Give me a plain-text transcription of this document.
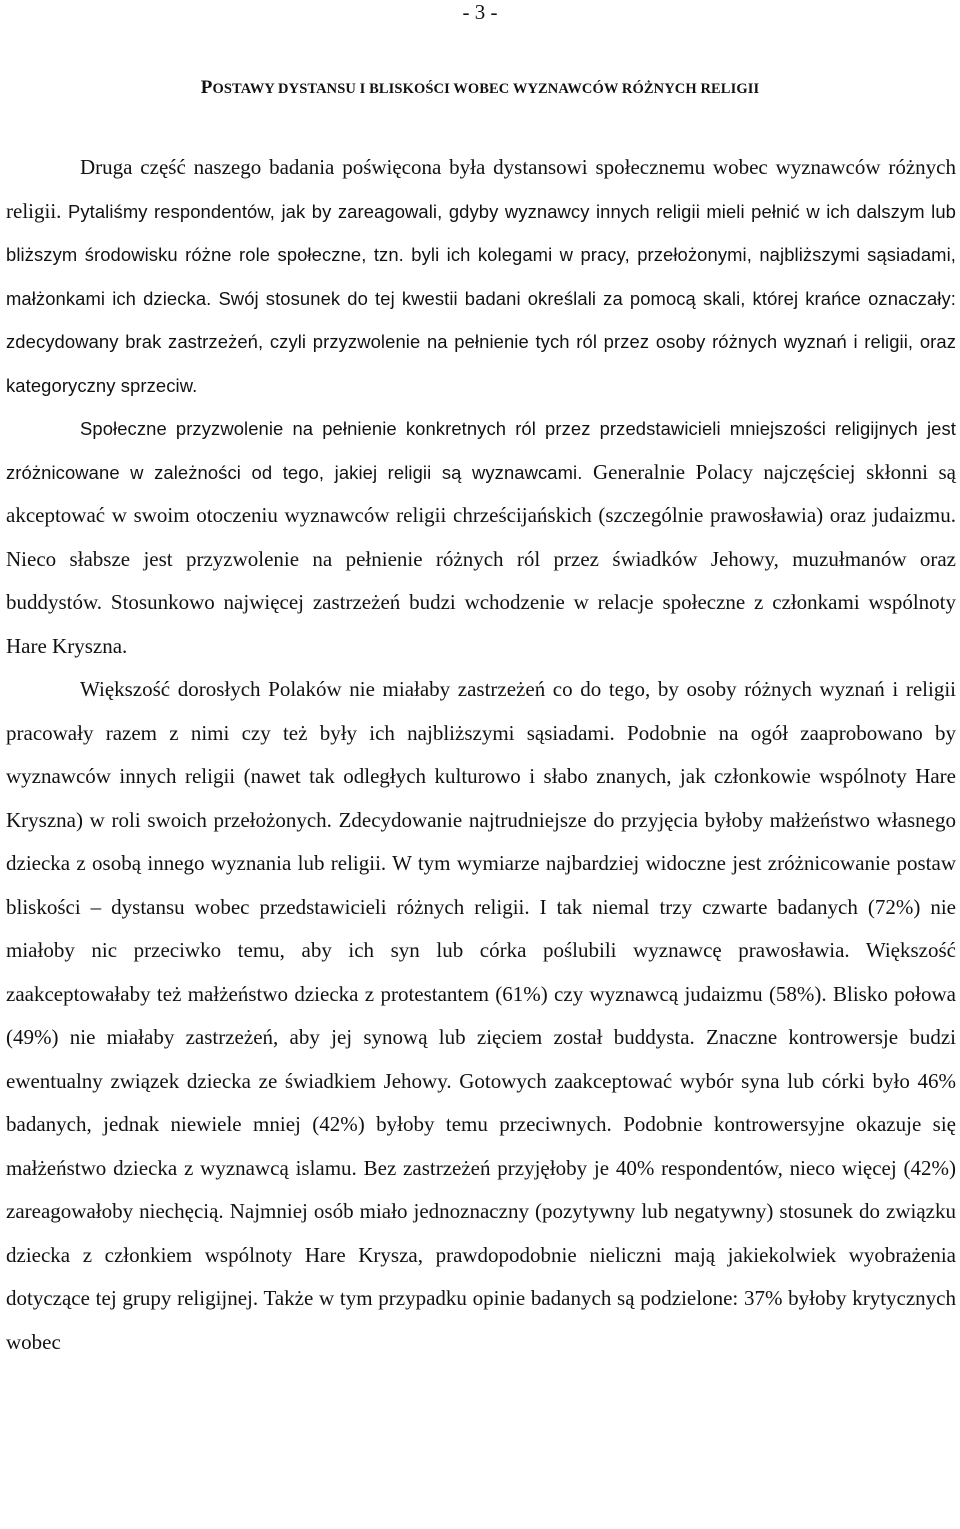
- 3 -
POSTAWY DYSTANSU I BLISKOŚCI WOBEC WYZNAWCÓW RÓŻNYCH RELIGII

Druga część naszego badania poświęcona była dystansowi społecznemu wobec wyznawców różnych religii. Pytaliśmy respondentów, jak by zareagowali, gdyby wyznawcy innych religii mieli pełnić w ich dalszym lub bliższym środowisku różne role społeczne, tzn. byli ich kolegami w pracy, przełożonymi, najbliższymi sąsiadami, małżonkami ich dziecka. Swój stosunek do tej kwestii badani określali za pomocą skali, której krańce oznaczały: zdecydowany brak zastrzeżeń, czyli przyzwolenie na pełnienie tych ról przez osoby różnych wyznań i religii, oraz kategoryczny sprzeciw.

Społeczne przyzwolenie na pełnienie konkretnych ról przez przedstawicieli mniejszości religijnych jest zróżnicowane w zależności od tego, jakiej religii są wyznawcami. Generalnie Polacy najczęściej skłonni są akceptować w swoim otoczeniu wyznawców religii chrześcijańskich (szczególnie prawosławia) oraz judaizmu. Nieco słabsze jest przyzwolenie na pełnienie różnych ról przez świadków Jehowy, muzułmanów oraz buddystów. Stosunkowo najwięcej zastrzeżeń budzi wchodzenie w relacje społeczne z członkami wspólnoty Hare Kryszna.

Większość dorosłych Polaków nie miałaby zastrzeżeń co do tego, by osoby różnych wyznań i religii pracowały razem z nimi czy też były ich najbliższymi sąsiadami. Podobnie na ogół zaaprobowano by wyznawców innych religii (nawet tak odległych kulturowo i słabo znanych, jak członkowie wspólnoty Hare Kryszna) w roli swoich przełożonych. Zdecydowanie najtrudniejsze do przyjęcia byłoby małżeństwo własnego dziecka z osobą innego wyznania lub religii. W tym wymiarze najbardziej widoczne jest zróżnicowanie postaw bliskości – dystansu wobec przedstawicieli różnych religii. I tak niemal trzy czwarte badanych (72%) nie miałoby nic przeciwko temu, aby ich syn lub córka poślubili wyznawcę prawosławia. Większość zaakceptowałaby też małżeństwo dziecka z protestantem (61%) czy wyznawcą judaizmu (58%). Blisko połowa (49%) nie miałaby zastrzeżeń, aby jej synową lub zięciem został buddysta. Znaczne kontrowersje budzi ewentualny związek dziecka ze świadkiem Jehowy. Gotowych zaakceptować wybór syna lub córki było 46% badanych, jednak niewiele mniej (42%) byłoby temu przeciwnych. Podobnie kontrowersyjne okazuje się małżeństwo dziecka z wyznawcą islamu. Bez zastrzeżeń przyjęłoby je 40% respondentów, nieco więcej (42%) zareagowałoby niechęcią. Najmniej osób miało jednoznaczny (pozytywny lub negatywny) stosunek do związku dziecka z członkiem wspólnoty Hare Krysza, prawdopodobnie nieliczni mają jakiekolwiek wyobrażenia dotyczące tej grupy religijnej. Także w tym przypadku opinie badanych są podzielone: 37% byłoby krytycznych wobec
